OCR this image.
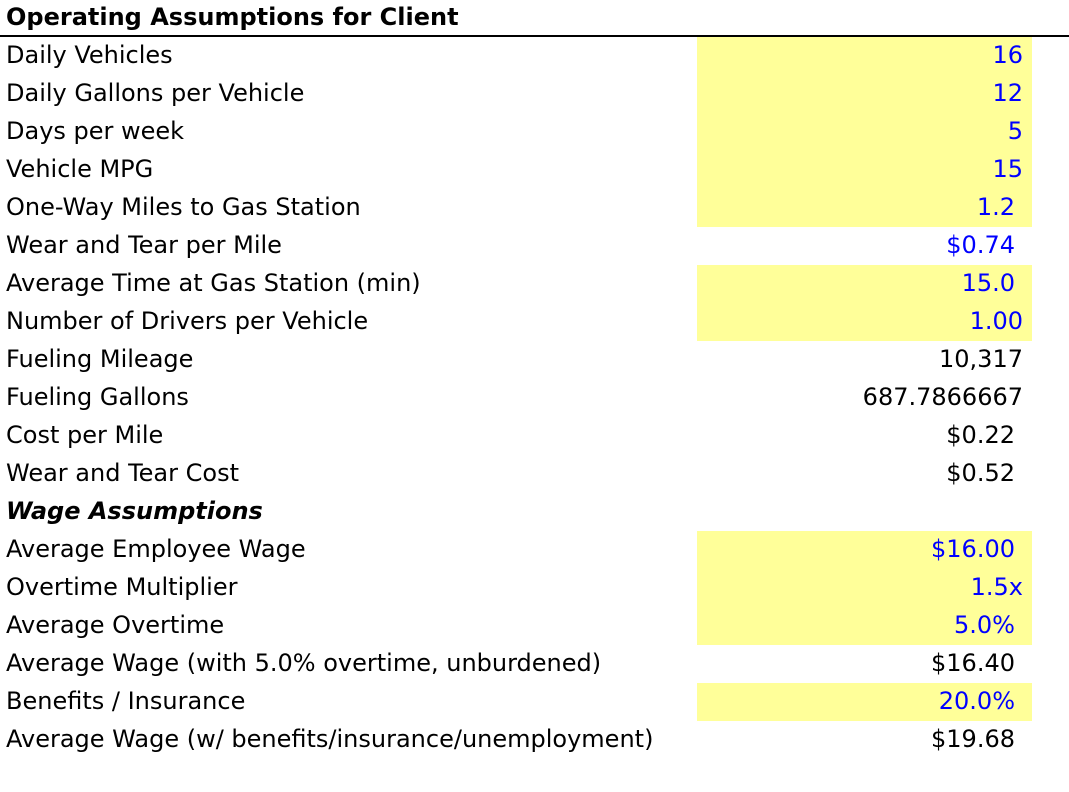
Operating Assumptions for Client
Daily Vehicles	16
Daily Gallons per Vehicle	12
Days per week	5
Vehicle MPG	15
One-Way Miles to Gas Station	1.2
Wear and Tear per Mile	$0.74
Average Time at Gas Station (min)	15.0
Number of Drivers per Vehicle	1.00
Fueling Mileage	10,317
Fueling Gallons	687.7866667
Cost per Mile	$0.22
Wear and Tear Cost	$0.52
Wage Assumptions
Average Employee Wage	$16.00
Overtime Multiplier	1.5x
Average Overtime	5.0%
Average Wage (with 5.0% overtime, unburdened)	$16.40
Benefits / Insurance	20.0%
Average Wage (w/ benefits/insurance/unemployment)	$19.68
